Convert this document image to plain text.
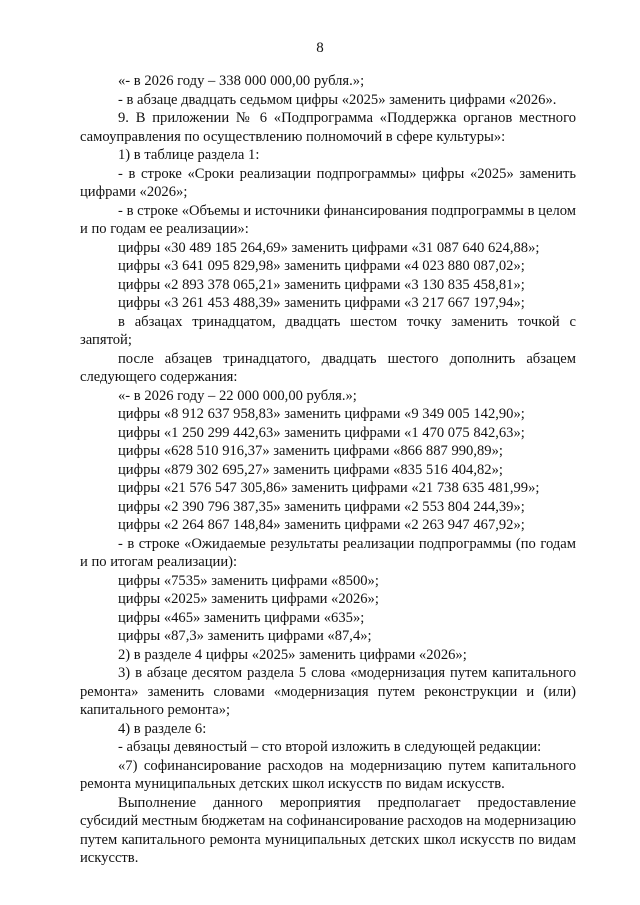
8

«- в 2026 году – 338 000 000,00 рубля.»;

- в абзаце двадцать седьмом цифры «2025» заменить цифрами «2026».

9. В приложении № 6 «Подпрограмма «Поддержка органов местного самоуправления по осуществлению полномочий в сфере культуры»:

1) в таблице раздела 1:

- в строке «Сроки реализации подпрограммы» цифры «2025» заменить цифрами «2026»;

- в строке «Объемы и источники финансирования подпрограммы в целом и по годам ее реализации»:

цифры «30 489 185 264,69» заменить цифрами «31 087 640 624,88»;

цифры «3 641 095 829,98» заменить цифрами «4 023 880 087,02»;

цифры «2 893 378 065,21» заменить цифрами «3 130 835 458,81»;

цифры «3 261 453 488,39» заменить цифрами «3 217 667 197,94»;

в абзацах тринадцатом, двадцать шестом точку заменить точкой с запятой;

после абзацев тринадцатого, двадцать шестого дополнить абзацем следующего содержания:

«- в 2026 году – 22 000 000,00 рубля.»;

цифры «8 912 637 958,83» заменить цифрами «9 349 005 142,90»;

цифры «1 250 299 442,63» заменить цифрами «1 470 075 842,63»;

цифры «628 510 916,37» заменить цифрами «866 887 990,89»;

цифры «879 302 695,27» заменить цифрами «835 516 404,82»;

цифры «21 576 547 305,86» заменить цифрами «21 738 635 481,99»;

цифры «2 390 796 387,35» заменить цифрами «2 553 804 244,39»;

цифры «2 264 867 148,84» заменить цифрами «2 263 947 467,92»;

- в строке «Ожидаемые результаты реализации подпрограммы (по годам и по итогам реализации):

цифры «7535» заменить цифрами «8500»;

цифры «2025» заменить цифрами «2026»;

цифры «465» заменить цифрами «635»;

цифры «87,3» заменить цифрами «87,4»;

2) в разделе 4 цифры «2025» заменить цифрами «2026»;

3) в абзаце десятом раздела 5 слова «модернизация путем капитального ремонта» заменить словами «модернизация путем реконструкции и (или) капитального ремонта»;

4) в разделе 6:

- абзацы девяностый – сто второй изложить в следующей редакции:

«7) софинансирование расходов на модернизацию путем капитального ремонта муниципальных детских школ искусств по видам искусств.

Выполнение данного мероприятия предполагает предоставление субсидий местным бюджетам на софинансирование расходов на модернизацию путем капитального ремонта муниципальных детских школ искусств по видам искусств.
